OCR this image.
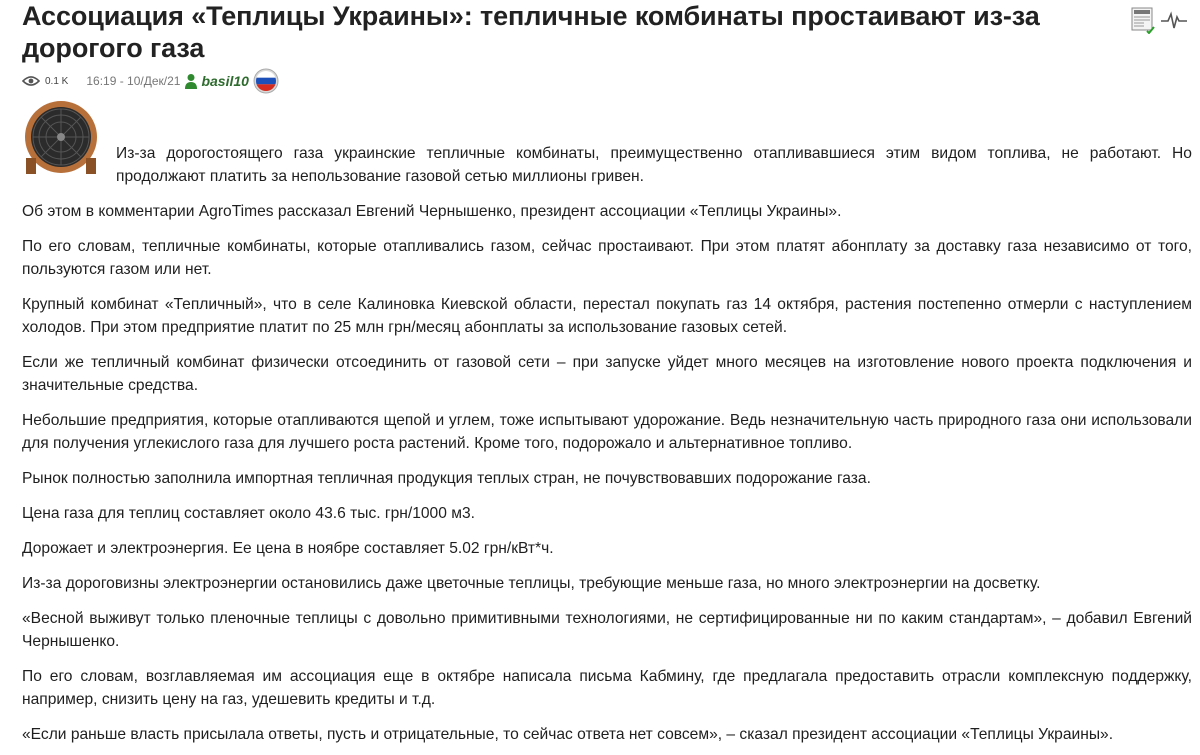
Ассоциация «Теплицы Украины»: тепличные комбинаты простаивают из-за дорогого газа
0.1 K 16:19 - 10/Дек/21 basil10

Из-за дорогостоящего газа украинские тепличные комбинаты, преимущественно отапливавшиеся этим видом топлива, не работают. Но продолжают платить за непользование газовой сетью миллионы гривен.

Об этом в комментарии AgroTimes рассказал Евгений Чернышенко, президент ассоциации «Теплицы Украины».

По его словам, тепличные комбинаты, которые отапливались газом, сейчас простаивают. При этом платят абонплату за доставку газа независимо от того, пользуются газом или нет.

Крупный комбинат «Тепличный», что в селе Калиновка Киевской области, перестал покупать газ 14 октября, растения постепенно отмерли с наступлением холодов. При этом предприятие платит по 25 млн грн/месяц абонплаты за использование газовых сетей.

Если же тепличный комбинат физически отсоединить от газовой сети – при запуске уйдет много месяцев на изготовление нового проекта подключения и значительные средства.

Небольшие предприятия, которые отапливаются щепой и углем, тоже испытывают удорожание. Ведь незначительную часть природного газа они использовали для получения углекислого газа для лучшего роста растений. Кроме того, подорожало и альтернативное топливо.

Рынок полностью заполнила импортная тепличная продукция теплых стран, не почувствовавших подорожание газа.

Цена газа для теплиц составляет около 43.6 тыс. грн/1000 м3.

Дорожает и электроэнергия. Ее цена в ноябре составляет 5.02 грн/кВт*ч.

Из-за дороговизны электроэнергии остановились даже цветочные теплицы, требующие меньше газа, но много электроэнергии на досветку.

«Весной выживут только пленочные теплицы с довольно примитивными технологиями, не сертифицированные ни по каким стандартам», – добавил Евгений Чернышенко.

По его словам, возглавляемая им ассоциация еще в октябре написала письма Кабмину, где предлагала предоставить отрасли комплексную поддержку, например, снизить цену на газ, удешевить кредиты и т.д.

«Если раньше власть присылала ответы, пусть и отрицательные, то сейчас ответа нет совсем», – сказал президент ассоциации «Теплицы Украины».
